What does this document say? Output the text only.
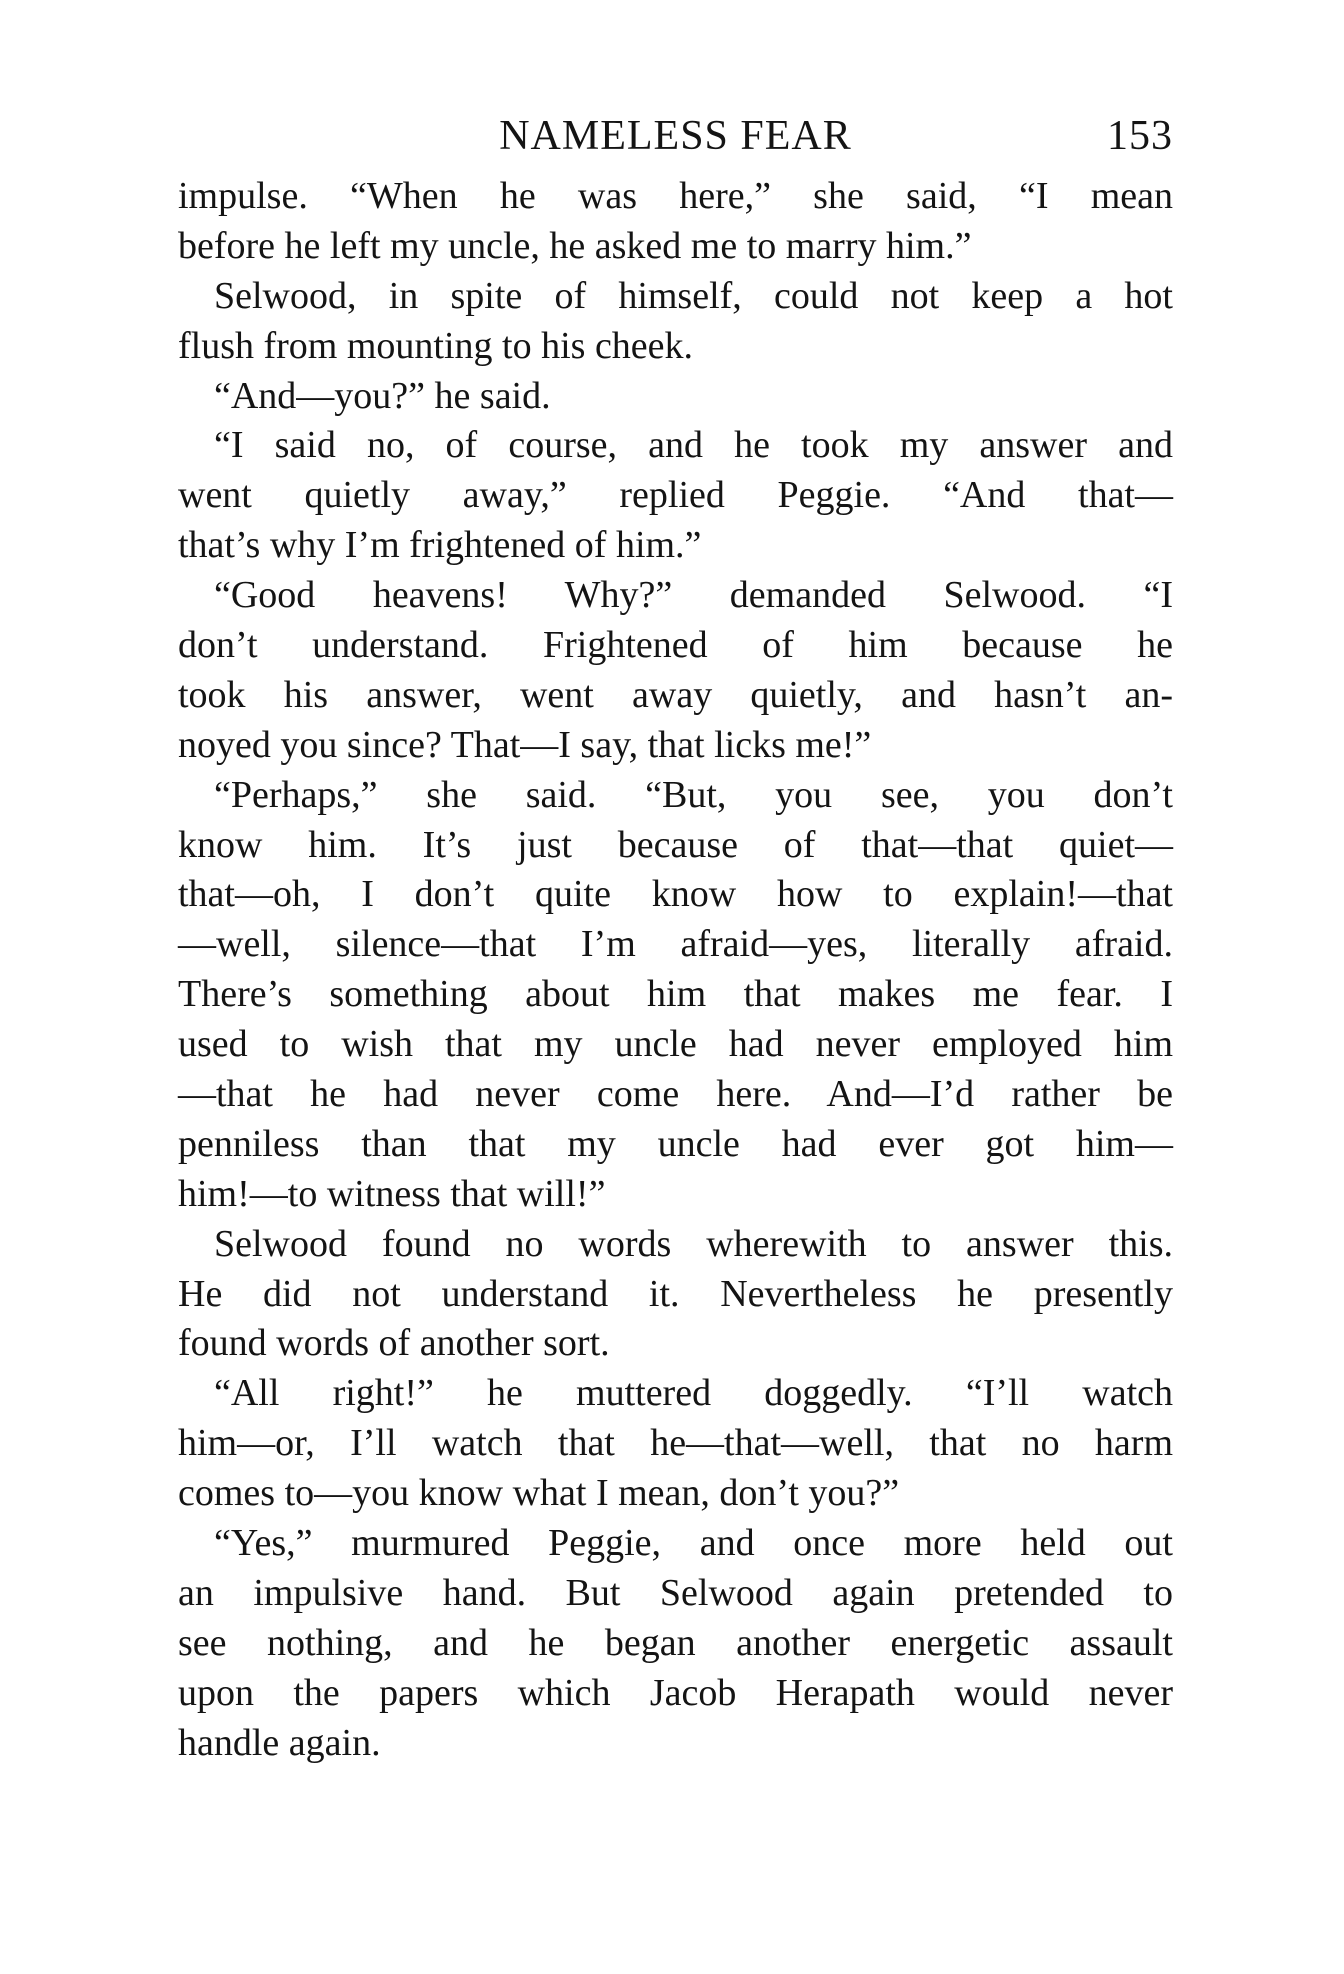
NAMELESS FEAR	153
impulse. “When he was here,” she said, “I mean
before he left my uncle, he asked me to marry him.”
Selwood, in spite of himself, could not keep a hot
flush from mounting to his cheek.
“And—you?” he said.
“I said no, of course, and he took my answer and
went quietly away,” replied Peggie. “And that—
that’s why I’m frightened of him.”
“Good heavens! Why?” demanded Selwood. “I
don’t understand. Frightened of him because he
took his answer, went away quietly, and hasn’t an-
noyed you since? That—I say, that licks me!”
“Perhaps,” she said. “But, you see, you don’t
know him. It’s just because of that—that quiet—
that—oh, I don’t quite know how to explain!—that
—well, silence—that I’m afraid—yes, literally afraid.
There’s something about him that makes me fear. I
used to wish that my uncle had never employed him
—that he had never come here. And—I’d rather be
penniless than that my uncle had ever got him—
him!—to witness that will!”
Selwood found no words wherewith to answer this.
He did not understand it. Nevertheless he presently
found words of another sort.
“All right!” he muttered doggedly. “I’ll watch
him—or, I’ll watch that he—that—well, that no harm
comes to—you know what I mean, don’t you?”
“Yes,” murmured Peggie, and once more held out
an impulsive hand. But Selwood again pretended to
see nothing, and he began another energetic assault
upon the papers which Jacob Herapath would never
handle again.
